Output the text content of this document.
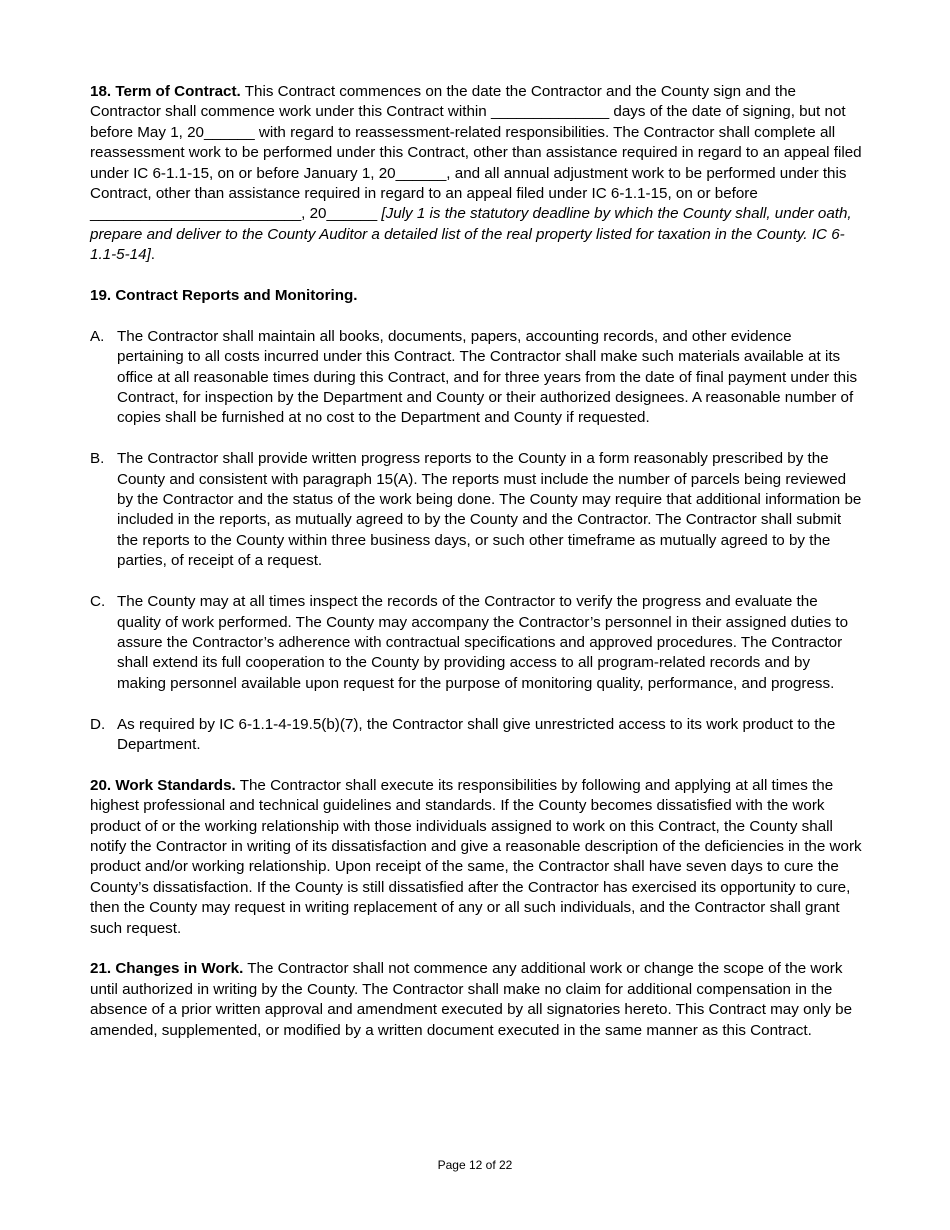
18. Term of Contract. This Contract commences on the date the Contractor and the County sign and the Contractor shall commence work under this Contract within ______________ days of the date of signing, but not before May 1, 20______ with regard to reassessment-related responsibilities. The Contractor shall complete all reassessment work to be performed under this Contract, other than assistance required in regard to an appeal filed under IC 6-1.1-15, on or before January 1, 20______, and all annual adjustment work to be performed under this Contract, other than assistance required in regard to an appeal filed under IC 6-1.1-15, on or before _________________________, 20______ [July 1 is the statutory deadline by which the County shall, under oath, prepare and deliver to the County Auditor a detailed list of the real property listed for taxation in the County. IC 6-1.1-5-14].

19. Contract Reports and Monitoring.

A. The Contractor shall maintain all books, documents, papers, accounting records, and other evidence pertaining to all costs incurred under this Contract. The Contractor shall make such materials available at its office at all reasonable times during this Contract, and for three years from the date of final payment under this Contract, for inspection by the Department and County or their authorized designees. A reasonable number of copies shall be furnished at no cost to the Department and County if requested.
B. The Contractor shall provide written progress reports to the County in a form reasonably prescribed by the County and consistent with paragraph 15(A). The reports must include the number of parcels being reviewed by the Contractor and the status of the work being done. The County may require that additional information be included in the reports, as mutually agreed to by the County and the Contractor. The Contractor shall submit the reports to the County within three business days, or such other timeframe as mutually agreed to by the parties, of receipt of a request.
C. The County may at all times inspect the records of the Contractor to verify the progress and evaluate the quality of work performed. The County may accompany the Contractor’s personnel in their assigned duties to assure the Contractor’s adherence with contractual specifications and approved procedures. The Contractor shall extend its full cooperation to the County by providing access to all program-related records and by making personnel available upon request for the purpose of monitoring quality, performance, and progress.
D. As required by IC 6-1.1-4-19.5(b)(7), the Contractor shall give unrestricted access to its work product to the Department.

20. Work Standards. The Contractor shall execute its responsibilities by following and applying at all times the highest professional and technical guidelines and standards. If the County becomes dissatisfied with the work product of or the working relationship with those individuals assigned to work on this Contract, the County shall notify the Contractor in writing of its dissatisfaction and give a reasonable description of the deficiencies in the work product and/or working relationship. Upon receipt of the same, the Contractor shall have seven days to cure the County’s dissatisfaction. If the County is still dissatisfied after the Contractor has exercised its opportunity to cure, then the County may request in writing replacement of any or all such individuals, and the Contractor shall grant such request.

21. Changes in Work. The Contractor shall not commence any additional work or change the scope of the work until authorized in writing by the County. The Contractor shall make no claim for additional compensation in the absence of a prior written approval and amendment executed by all signatories hereto. This Contract may only be amended, supplemented, or modified by a written document executed in the same manner as this Contract.

Page 12 of 22
